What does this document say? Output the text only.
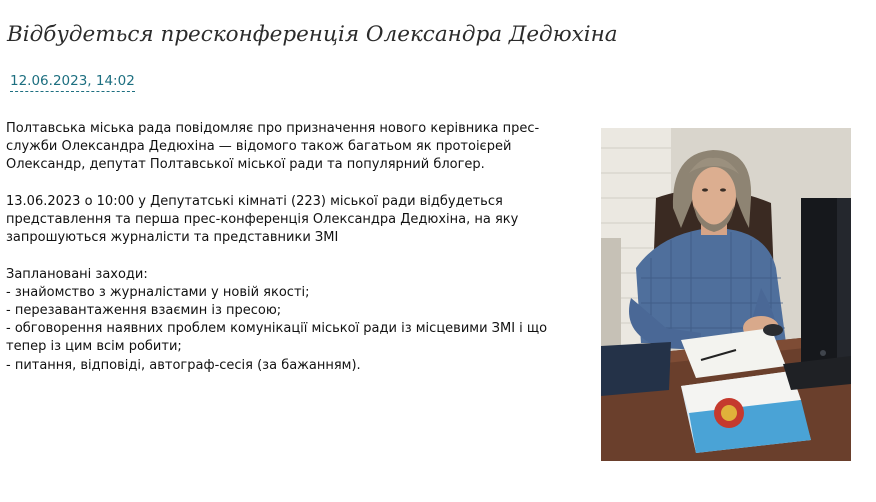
Відбудеться пресконференція Олександра Дедюхіна
12.06.2023, 14:02

Полтавська міська рада повідомляє про призначення нового керівника прес-
служби Олександра Дедюхіна — відомого також багатьом як протоієрей
Олександр, депутат Полтавської міської ради та популярний блогер.

13.06.2023 о 10:00 у Депутатські кімнаті (223) міської ради відбудеться
представлення та перша прес-конференція Олександра Дедюхіна, на яку
запрошуються журналісти та представники ЗМІ

Заплановані заходи:
- знайомство з журналістами у новій якості;
- перезавантаження взаємин із пресою;
- обговорення наявних проблем комунікації міської ради із місцевими ЗМІ і що
тепер із цим всім робити;
- питання, відповіді, автограф-сесія (за бажанням).
